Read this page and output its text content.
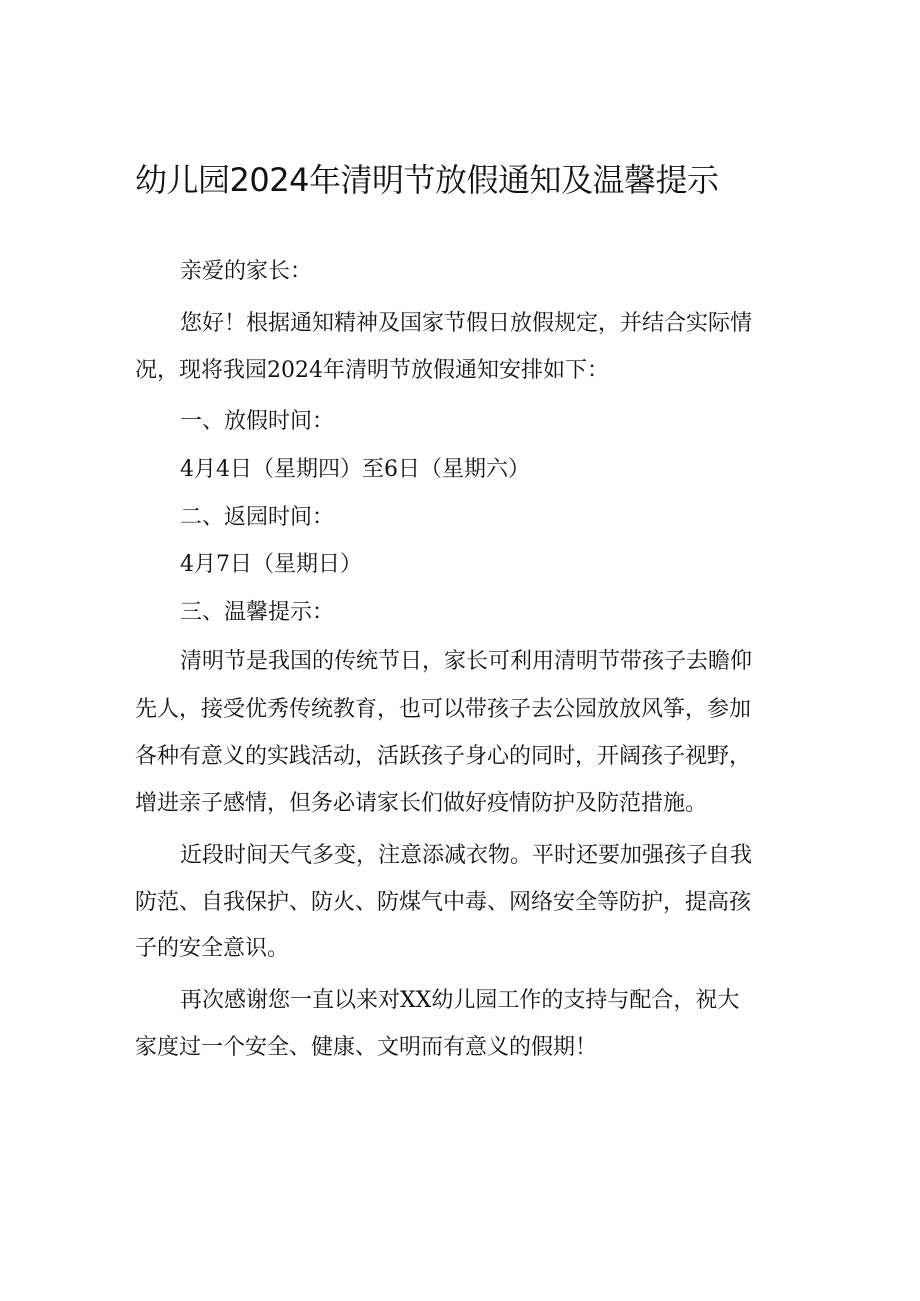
幼儿园2024年清明节放假通知及温馨提示
亲爱的家长：
您好！根据通知精神及国家节假日放假规定，并结合实际情
况，现将我园2024年清明节放假通知安排如下：
一、放假时间：
4月4日（星期四）至6日（星期六）
二、返园时间：
4月7日（星期日）
三、温馨提示：
清明节是我国的传统节日，家长可利用清明节带孩子去瞻仰
先人，接受优秀传统教育，也可以带孩子去公园放放风筝，参加
各种有意义的实践活动，活跃孩子身心的同时，开阔孩子视野，
增进亲子感情，但务必请家长们做好疫情防护及防范措施。
近段时间天气多变，注意添减衣物。平时还要加强孩子自我
防范、自我保护、防火、防煤气中毒、网络安全等防护，提高孩
子的安全意识。
再次感谢您一直以来对XX幼儿园工作的支持与配合，祝大
家度过一个安全、健康、文明而有意义的假期！
